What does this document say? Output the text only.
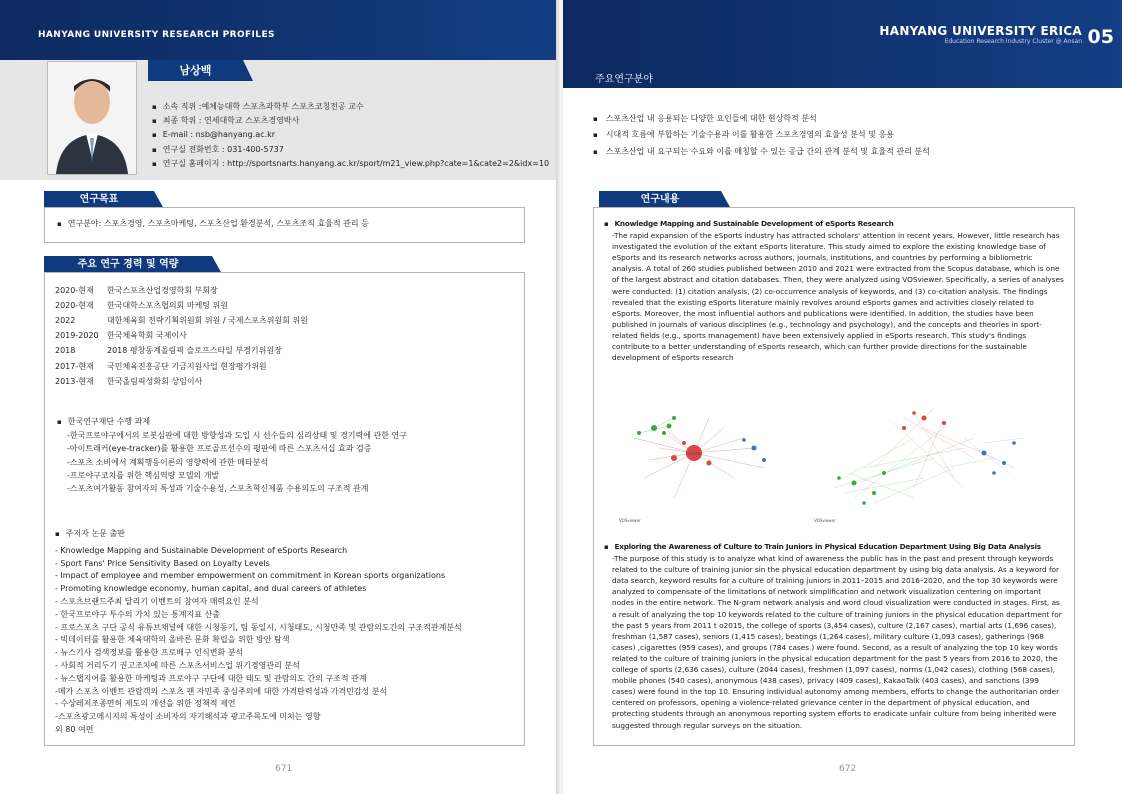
HANYANG UNIVERSITY RESEARCH PROFILES
남상백
▪ 소속 직위 :예체능대학 스포츠과학부 스포츠코칭전공 교수
▪ 최종 학위 : 연세대학교 스포츠경영박사
▪ E-mail : nsb@hanyang.ac.kr
▪ 연구실 전화번호 : 031-400-5737
▪ 연구실 홈페이지 : http://sportsnarts.hanyang.ac.kr/sport/m21_view.php?cate=1&cate2=2&idx=10
연구목표

▪ 연구분야: 스포츠경영, 스포츠마케팅, 스포츠산업 환경분석, 스포츠조직 효율적 관리 등

주요 연구 경력 및 역량
2020-현재	한국스포츠산업경영학회 부회장
2020-현재	한국대학스포츠협의회 마케팅 위원
2022	대한체육회 전략기획위원회 위원 / 국제스포츠위원회 위원
2019-2020	한국체육학회 국제이사
2018	2018 평창동계올림픽 슬로프스타일 부경기위원장
2017-현재	국민체육진흥공단 기금지원사업 현장평가위원
2013-현재	한국올림픽성화회 상임이사
▪ 한국연구재단 수행 과제
-한국프로야구에서의 로봇심판에 대한 방향성과 도입 시 선수들의 심리상태 및 경기력에 관한 연구
-아이트래커(eye-tracker)를 활용한 프로골프선수의 평판에 따른 스포츠서십 효과 검증
-스포츠 소비에서 계획행동이론의 영향력에 관한 메타분석
-프로야구코치를 위한 핵심역량 모델의 개발
-스포츠여가활동 참여자의 특성과 기술수용성, 스포츠혁신제품 수용의도의 구조적 관계
▪ 주저자 논문 출판
- Knowledge Mapping and Sustainable Development of eSports Research
- Sport Fans' Price Sensitivity Based on Loyalty Levels
- Impact of employee and member empowerment on commitment in Korean sports organizations
- Promoting knowledge economy, human capital, and dual careers of athletes
- 스포츠브랜드주최 달리기 이벤트의 참여자 매력요인 분석
- 한국프로야구 투수의 가치 있는 통계지표 산출
- 프로스포츠 구단 공식 유튜브채널에 대한 시청동기, 팀 동일시, 시청태도, 시청만족 및 관람의도간의 구조적관계분석
- 빅데이터를 활용한 체육대학의 올바른 문화 확립을 위한 방안 탐색
- 뉴스기사 검색정보를 활용한 프로배구 인식변화 분석
- 사회적 거리두기 권고조치에 따른 스포츠서비스업 위기경영관리 분석
- 뉴스탭지어를 활용한 마케팅과 프로야구 구단에 대한 태도 및 관람의도 간의 구조적 관계
-메가 스포츠 이벤트 관람객의 스포츠 팬 자민족 중심주의에 대한 가격탄력성과 가격민감성 분석
- 수상레저조종면허 제도의 개선을 위한 정책적 제언
-스포츠광고메시지의 특성이 소비자의 자기해석과 광고주목도에 미치는 영향
외 80 여편
671
HANYANG UNIVERSITY ERICA
Education Research Industry Cluster @ Ansan 05
주요연구분야
▪ 스포츠산업 내 응용되는 다양한 요인들에 대한 현상학적 분석
▪ 시대적 흐름에 부합하는 기술수용과 이를 활용한 스포츠경영의 효율성 분석 및 응용
▪ 스포츠산업 내 요구되는 수요와 이를 매칭할 수 있는 공급 간의 관계 분석 및 효율적 관리 분석
연구내용
▪ Knowledge Mapping and Sustainable Development of eSports Research

-The rapid expansion of the eSports industry has attracted scholars' attention in recent years. However, little research has investigated the evolution of the extant eSports literature. This study aimed to explore the existing knowledge base of eSports and its research networks across authors, journals, institutions, and countries by performing a bibliometric analysis. A total of 260 studies published between 2010 and 2021 were extracted from the Scopus database, which is one of the largest abstract and citation databases. Then, they were analyzed using VOSviewer. Specifically, a series of analyses were conducted: (1) citation analysis, (2) co-occurrence analysis of keywords, and (3) co-citation analysis. The findings revealed that the existing eSports literature mainly revolves around eSports games and activities closely related to eSports. Moreover, the most influential authors and publications were identified. In addition, the studies have been published in journals of various disciplines (e.g., technology and psychology), and the concepts and theories in sport-related fields (e.g., sports management) have been extensively applied in eSports research. This study's findings contribute to a better understanding of eSports research, which can further provide directions for the sustainable development of eSports research

esports
VOSviewer	VOSviewer
▪ Exploring the Awareness of Culture to Train Juniors in Physical Education Department Using Big Data Analysis

-The purpose of this study is to analyze what kind of awareness the public has in the past and present through keywords related to the culture of training junior sin the physical education department by using big data analysis. As a keyword for data search, keyword results for a culture of training juniors in 2011–2015 and 2016–2020, and the top 30 keywords were analyzed to compensate of the limitations of network simplification and network visualization centering on important nodes in the entire network. The N-gram network analysis and word cloud visualization were conducted in stages. First, as a result of analyzing the top 10 keywords related to the culture of training juniors in the physical education department for the past 5 years from 2011 t o2015, the college of sports (3,454 cases), culture (2,167 cases), martial arts (1,696 cases), freshman (1,587 cases), seniors (1,415 cases), beatings (1,264 cases), military culture (1,093 cases), gatherings (968 cases) ,cigarettes (959 cases), and groups (784 cases ) were found. Second, as a result of analyzing the top 10 key words related to the culture of training juniors in the physical education department for the past 5 years from 2016 to 2020, the college of sports (2,636 cases), culture (2044 cases), freshmen (1,097 cases), norms (1,042 cases), clothing (568 cases), mobile phones (540 cases), anonymous (438 cases), privacy (409 cases), KakaoTalk (403 cases), and sanctions (399 cases) were found in the top 10. Ensuring individual autonomy among members, efforts to change the authoritarian order centered on professors, opening a violence-related grievance center in the department of physical education, and protecting students through an anonymous reporting system efforts to eradicate unfair culture from being inherited were suggested through regular surveys on the situation.

672
